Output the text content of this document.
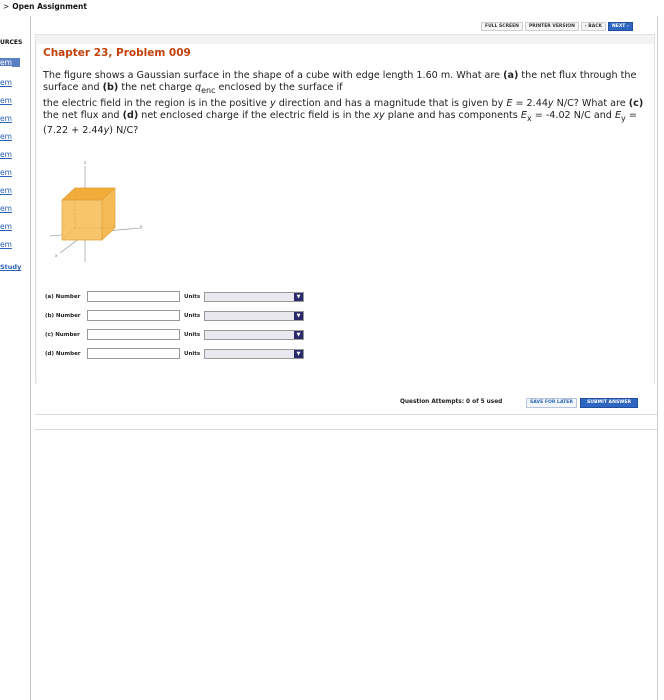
> Open Assignment
URCES
em
em
em
em
em
em
em
em
em
em
em
Study
FULL SCREEN	PRINTER VERSION	‹ BACK	NEXT ›
Chapter 23, Problem 009
The figure shows a Gaussian surface in the shape of a cube with edge length 1.60 m. What are (a) the net flux through the surface and (b) the net charge $q_{enc}$ enclosed by the surface if
the electric field in the region is in the positive y direction and has a magnitude that is given by E = 2.44y N/C? What are (c) the net flux and (d) net enclosed charge if the electric field is in the xy plane and has components $E_x = -4.02$ N/C and $E_y = (7.22 + 2.44y)$ N/C?
z
y
x
(a) Number	Units	▼
(b) Number	Units	▼
(c) Number	Units	▼
(d) Number	Units	▼
Question Attempts: 0 of 5 used	SAVE FOR LATER	SUBMIT ANSWER
